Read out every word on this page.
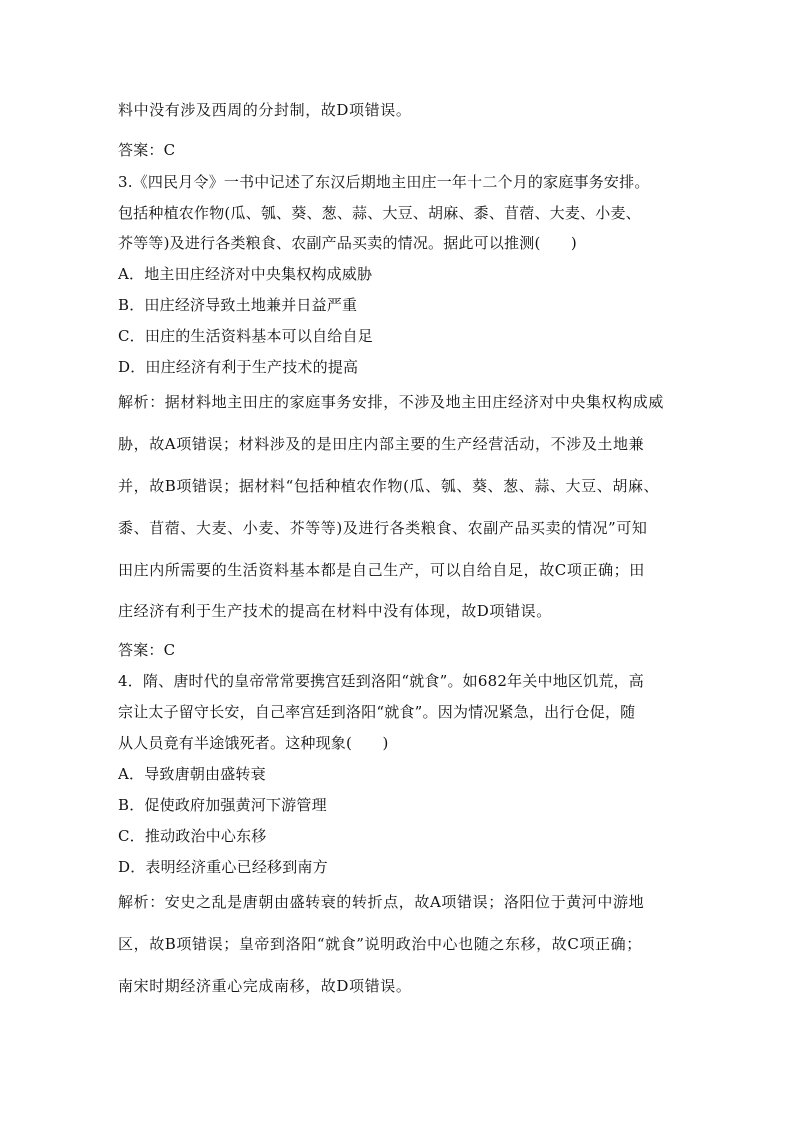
料中没有涉及西周的分封制，故D项错误。
答案：C
3.《四民月令》一书中记述了东汉后期地主田庄一年十二个月的家庭事务安排。
包括种植农作物(瓜、瓠、葵、葱、蒜、大豆、胡麻、黍、苜蓿、大麦、小麦、
芥等等)及进行各类粮食、农副产品买卖的情况。据此可以推测(　　)
A．地主田庄经济对中央集权构成威胁
B．田庄经济导致土地兼并日益严重
C．田庄的生活资料基本可以自给自足
D．田庄经济有利于生产技术的提高
解析：据材料地主田庄的家庭事务安排，不涉及地主田庄经济对中央集权构成威
胁，故A项错误；材料涉及的是田庄内部主要的生产经营活动，不涉及土地兼
并，故B项错误；据材料“包括种植农作物(瓜、瓠、葵、葱、蒜、大豆、胡麻、
黍、苜蓿、大麦、小麦、芥等等)及进行各类粮食、农副产品买卖的情况”可知
田庄内所需要的生活资料基本都是自己生产，可以自给自足，故C项正确；田
庄经济有利于生产技术的提高在材料中没有体现，故D项错误。
答案：C
4．隋、唐时代的皇帝常常要携宫廷到洛阳“就食”。如682年关中地区饥荒，高
宗让太子留守长安，自己率宫廷到洛阳“就食”。因为情况紧急，出行仓促，随
从人员竟有半途饿死者。这种现象(　　)
A．导致唐朝由盛转衰
B．促使政府加强黄河下游管理
C．推动政治中心东移
D．表明经济重心已经移到南方
解析：安史之乱是唐朝由盛转衰的转折点，故A项错误；洛阳位于黄河中游地
区，故B项错误；皇帝到洛阳“就食”说明政治中心也随之东移，故C项正确；
南宋时期经济重心完成南移，故D项错误。
